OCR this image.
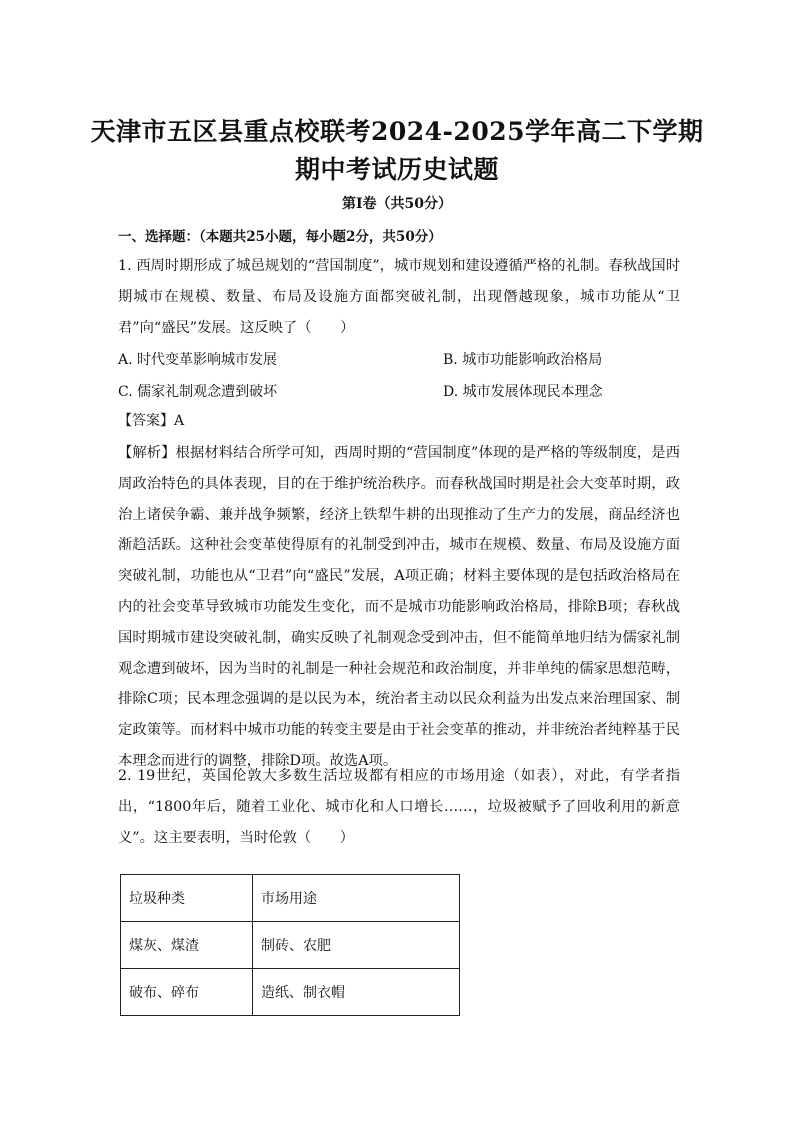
天津市五区县重点校联考2024-2025学年高二下学期
期中考试历史试题
第Ⅰ卷（共50分）
一、选择题：（本题共25小题，每小题2分，共50分）
1. 西周时期形成了城邑规划的“营国制度”，城市规划和建设遵循严格的礼制。春秋战国时期城市在规模、数量、布局及设施方面都突破礼制，出现僭越现象，城市功能从“卫君”向“盛民”发展。这反映了（　　）
A. 时代变革影响城市发展	B. 城市功能影响政治格局
C. 儒家礼制观念遭到破坏	D. 城市发展体现民本理念
【答案】A
【解析】根据材料结合所学可知，西周时期的“营国制度”体现的是严格的等级制度，是西周政治特色的具体表现，目的在于维护统治秩序。而春秋战国时期是社会大变革时期，政治上诸侯争霸、兼并战争频繁，经济上铁犁牛耕的出现推动了生产力的发展，商品经济也渐趋活跃。这种社会变革使得原有的礼制受到冲击，城市在规模、数量、布局及设施方面突破礼制，功能也从“卫君”向“盛民”发展，A项正确；材料主要体现的是包括政治格局在内的社会变革导致城市功能发生变化，而不是城市功能影响政治格局，排除B项；春秋战国时期城市建设突破礼制，确实反映了礼制观念受到冲击，但不能简单地归结为儒家礼制观念遭到破坏，因为当时的礼制是一种社会规范和政治制度，并非单纯的儒家思想范畴，排除C项；民本理念强调的是以民为本，统治者主动以民众利益为出发点来治理国家、制定政策等。而材料中城市功能的转变主要是由于社会变革的推动，并非统治者纯粹基于民本理念而进行的调整，排除D项。故选A项。
2. 19世纪，英国伦敦大多数生活垃圾都有相应的市场用途（如表），对此，有学者指出，“1800年后，随着工业化、城市化和人口增长……，垃圾被赋予了回收利用的新意义”。这主要表明，当时伦敦（　　）
垃圾种类	市场用途
煤灰、煤渣	制砖、农肥
破布、碎布	造纸、制衣帽
